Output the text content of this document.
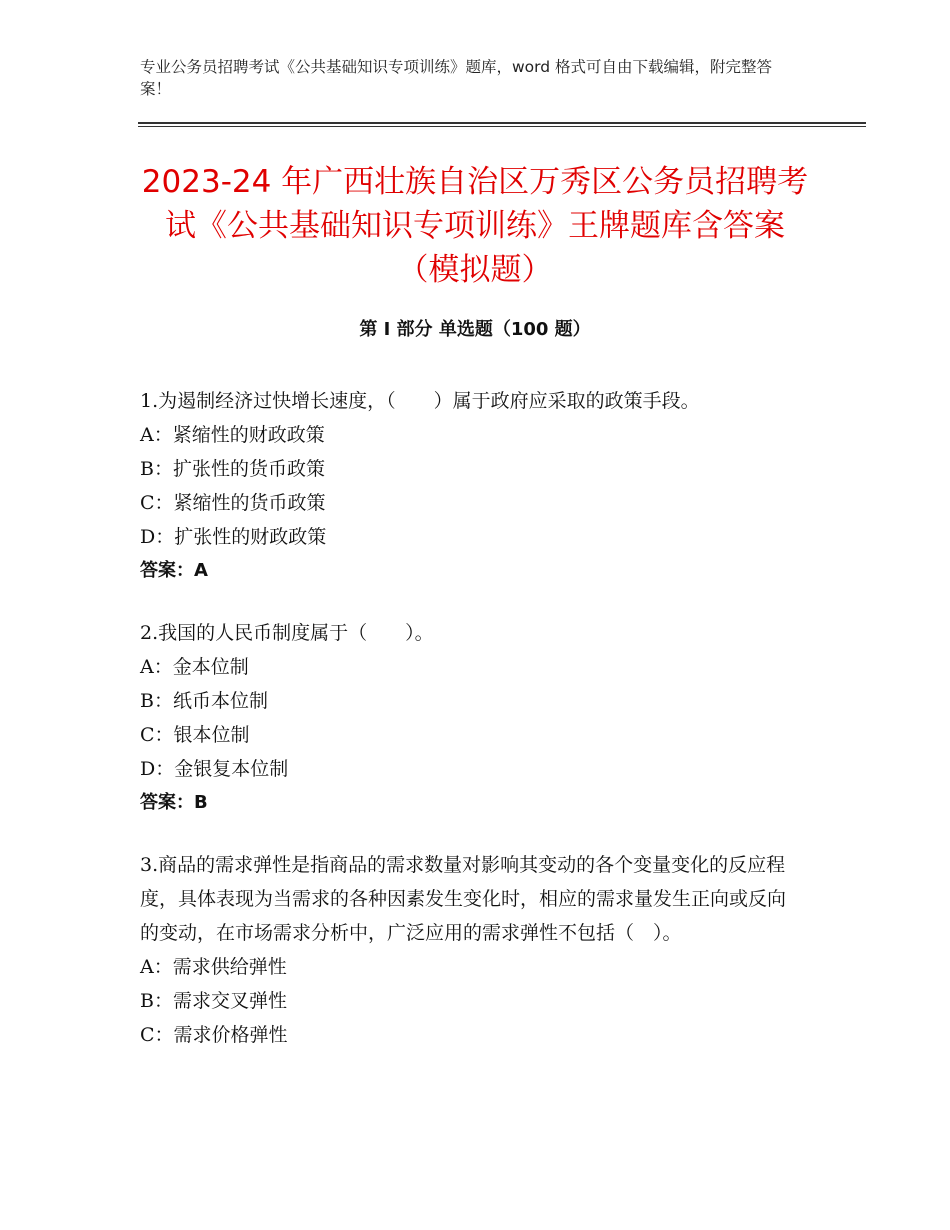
专业公务员招聘考试《公共基础知识专项训练》题库，word 格式可自由下载编辑，附完整答案！
2023-24 年广西壮族自治区万秀区公务员招聘考试《公共基础知识专项训练》王牌题库含答案（模拟题）
第 I 部分 单选题（100 题）
1.为遏制经济过快增长速度，（　　）属于政府应采取的政策手段。
A：紧缩性的财政政策
B：扩张性的货币政策
C：紧缩性的货币政策
D：扩张性的财政政策
答案：A
2.我国的人民币制度属于（　　）。
A：金本位制
B：纸币本位制
C：银本位制
D：金银复本位制
答案：B
3.商品的需求弹性是指商品的需求数量对影响其变动的各个变量变化的反应程度，具体表现为当需求的各种因素发生变化时，相应的需求量发生正向或反向的变动，在市场需求分析中，广泛应用的需求弹性不包括（　）。
A：需求供给弹性
B：需求交叉弹性
C：需求价格弹性
